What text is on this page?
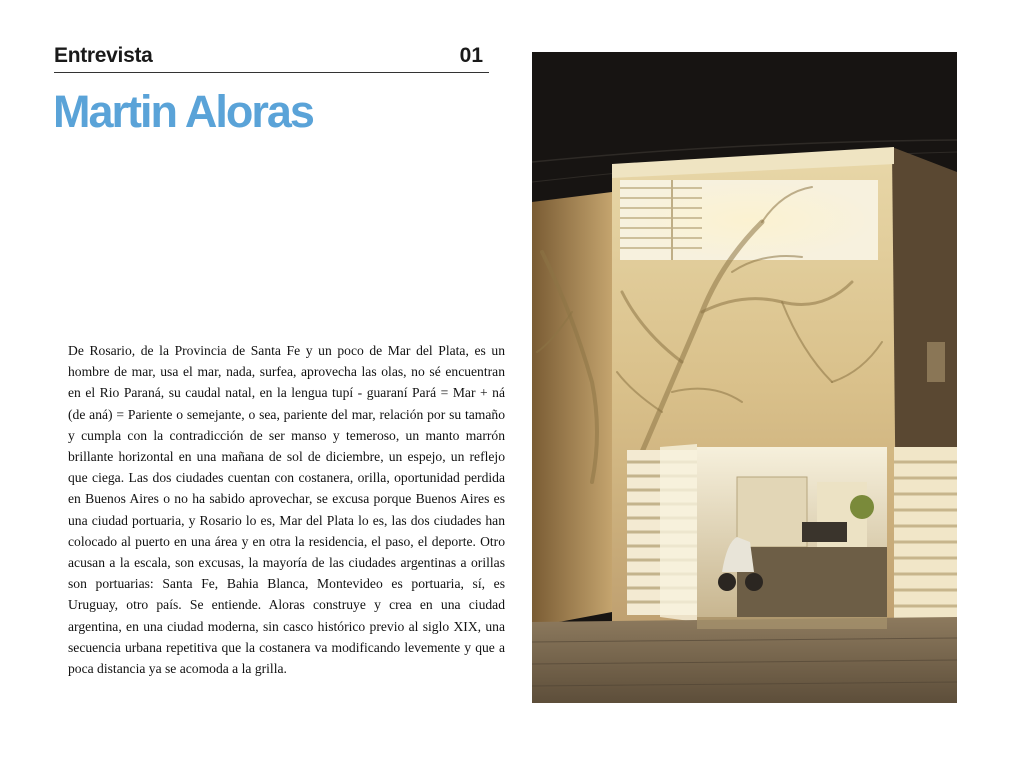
Entrevista	01
Martin Aloras

De Rosario, de la Provincia de Santa Fe y un poco de Mar del Plata, es un hombre de mar, usa el mar, nada, surfea, aprovecha las olas, no sé encuentran en el Rio Paraná, su caudal natal, en la lengua tupí - guaraní Pará = Mar + ná (de aná) = Pariente o semejante, o sea, pariente del mar, relación por su tamaño y cumpla con la contradicción de ser manso y temeroso, un manto marrón brillante horizontal en una mañana de sol de diciembre, un espejo, un reflejo que ciega. Las dos ciudades cuentan con costanera, orilla, oportunidad perdida en Buenos Aires o no ha sabido aprovechar, se excusa porque Buenos Aires es una ciudad portuaria, y Rosario lo es, Mar del Plata lo es, las dos ciudades han colocado al puerto en una área y en otra la residencia, el paso, el deporte. Otro acusan a la escala, son excusas, la mayoría de las ciudades argentinas a orillas son portuarias: Santa Fe, Bahia Blanca, Montevideo es portuaria, sí, es Uruguay, otro país. Se entiende. Aloras construye y crea en una ciudad argentina, en una ciudad moderna, sin casco histórico previo al siglo XIX, una secuencia urbana repetitiva que la costanera va modificando levemente y que a poca distancia ya se acomoda a la grilla.
